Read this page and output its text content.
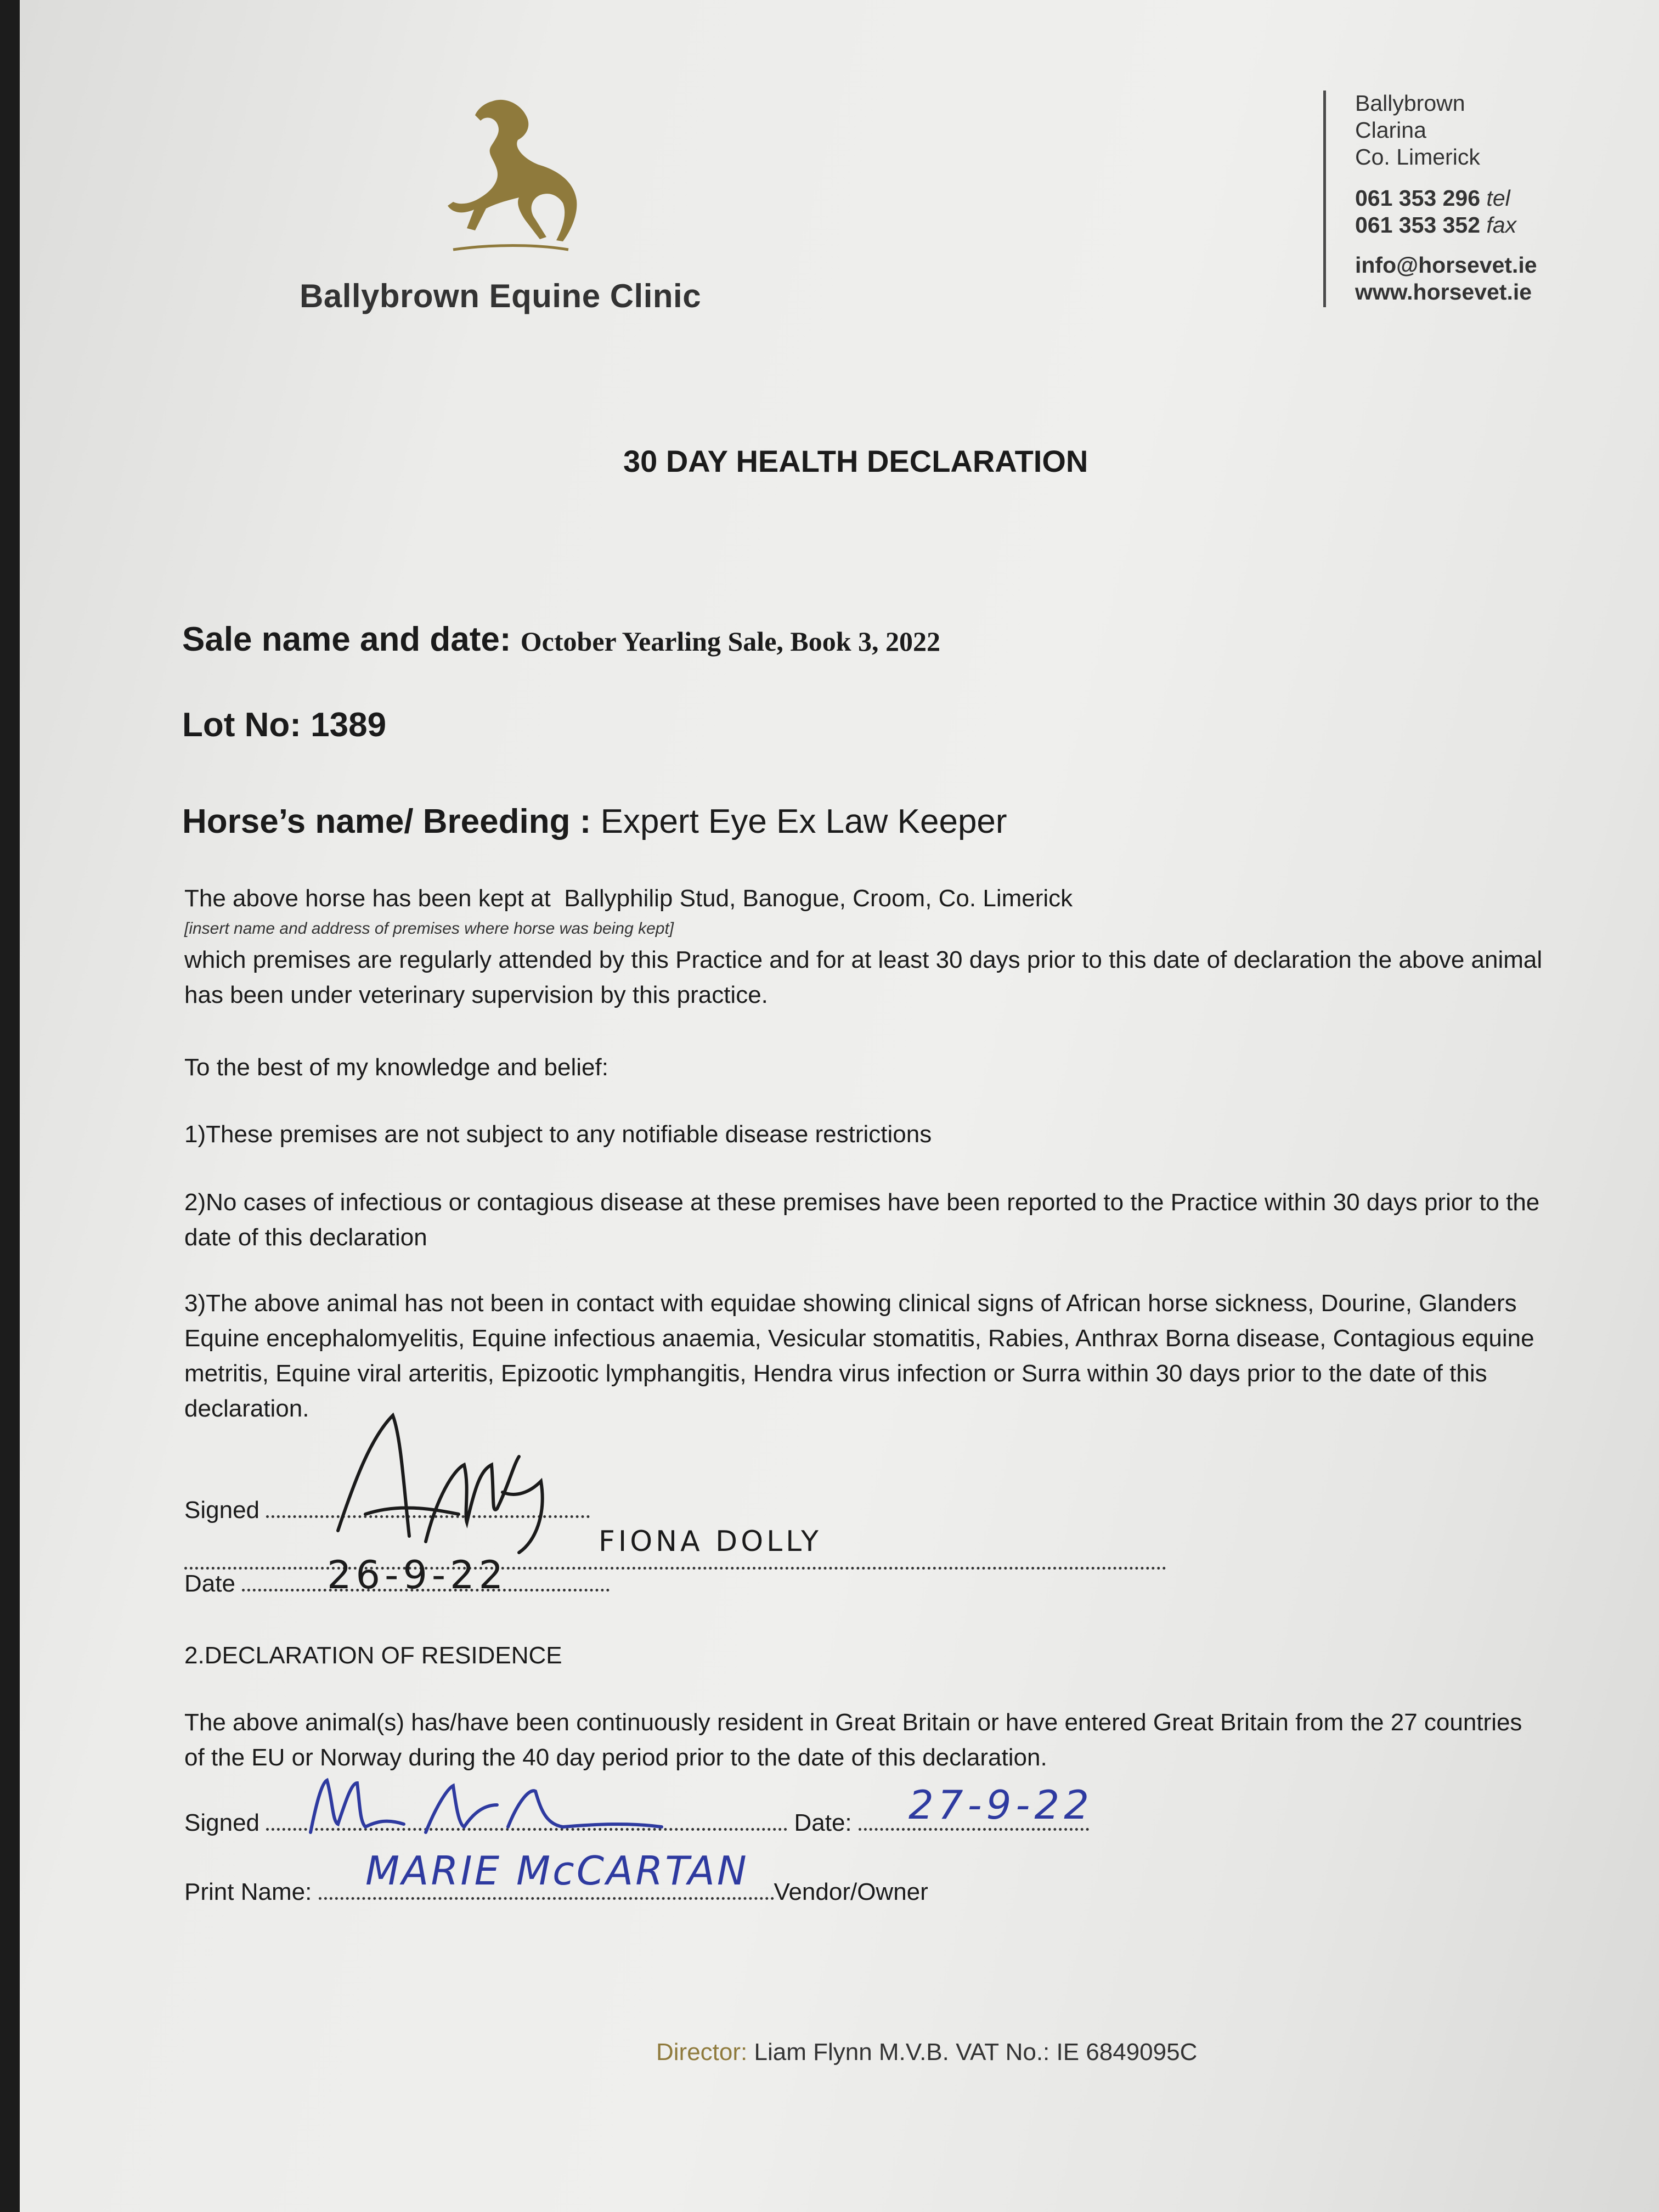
Ballybrown Equine Clinic
Ballybrown
Clarina
Co. Limerick
061 353 296 tel
061 353 352 fax
info@horsevet.ie
www.horsevet.ie
30 DAY HEALTH DECLARATION
Sale name and date: October Yearling Sale, Book 3, 2022
Lot No: 1389
Horse’s name/ Breeding : Expert Eye Ex Law Keeper
The above horse has been kept at Ballyphilip Stud, Banogue, Croom, Co. Limerick
[insert name and address of premises where horse was being kept]
which premises are regularly attended by this Practice and for at least 30 days prior to this date of declaration the above animal has been under veterinary supervision by this practice.
To the best of my knowledge and belief:
1)These premises are not subject to any notifiable disease restrictions
2)No cases of infectious or contagious disease at these premises have been reported to the Practice within 30 days prior to the date of this declaration
3)The above animal has not been in contact with equidae showing clinical signs of African horse sickness, Dourine, Glanders Equine encephalomyelitis, Equine infectious anaemia, Vesicular stomatitis, Rabies, Anthrax Borna disease, Contagious equine metritis, Equine viral arteritis, Epizootic lymphangitis, Hendra virus infection or Surra within 30 days prior to the date of this declaration.
Signed
FIONA DOLLY
Date	26-9-22
2.DECLARATION OF RESIDENCE
The above animal(s) has/have been continuously resident in Great Britain or have entered Great Britain from the 27 countries of the EU or Norway during the 40 day period prior to the date of this declaration.
Signed	Date:	27-9-22
Print Name:	Vendor/Owner
MARIE McCARTAN
Director: Liam Flynn M.V.B. VAT No.: IE 6849095C
